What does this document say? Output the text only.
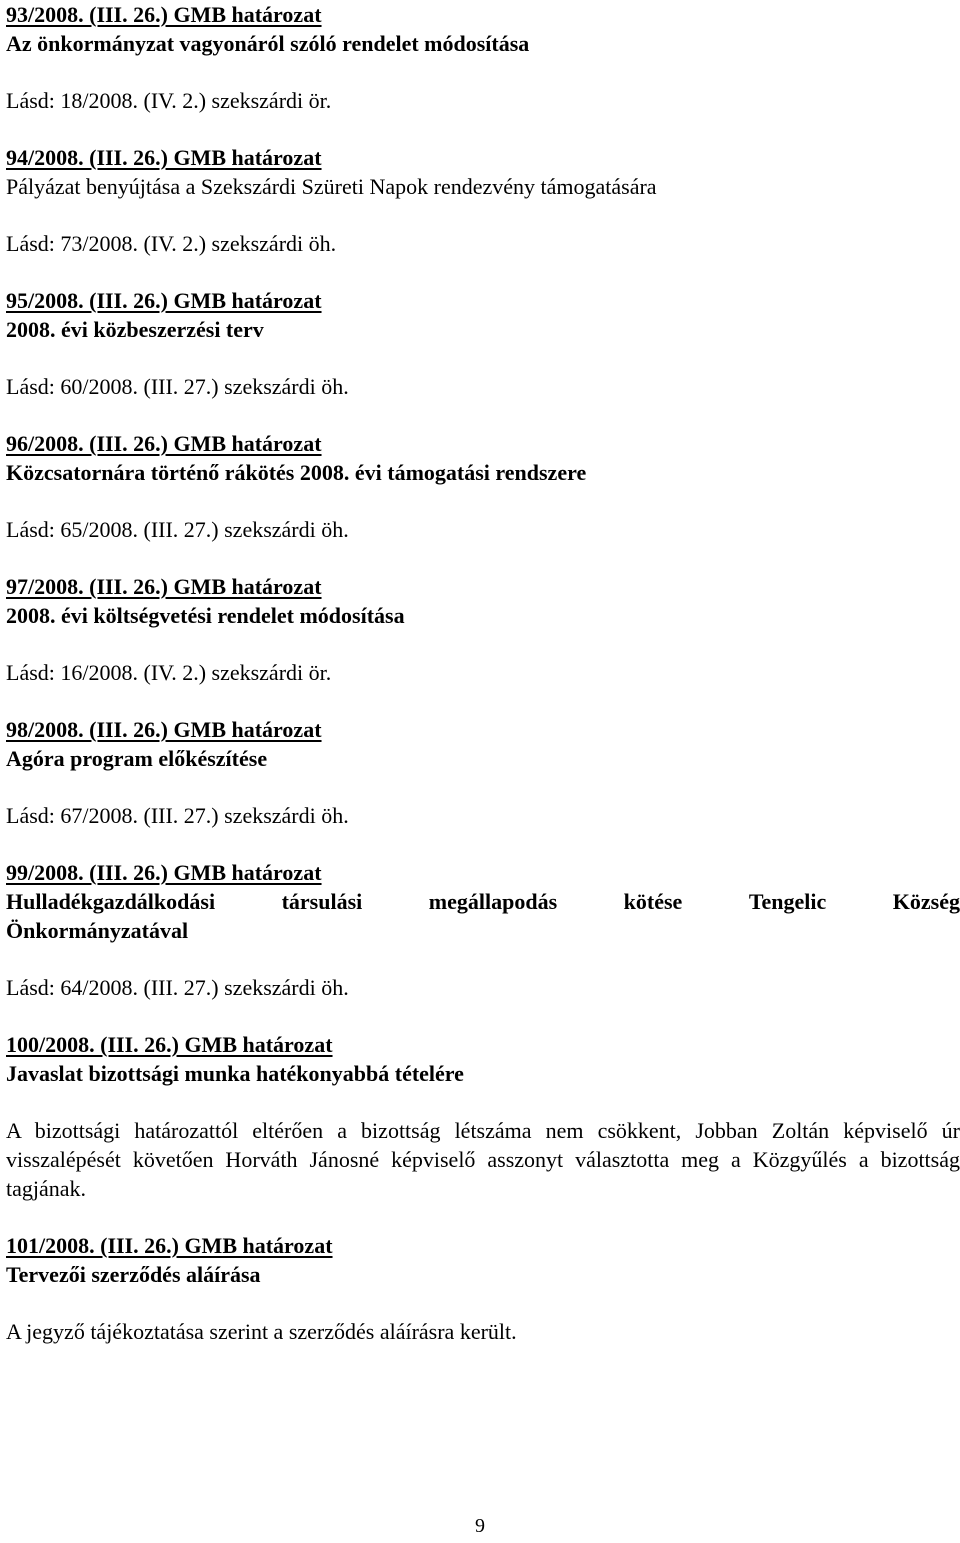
93/2008. (III. 26.) GMB határozat
Az önkormányzat vagyonáról szóló rendelet módosítása
Lásd: 18/2008. (IV. 2.) szekszárdi ör.
94/2008. (III. 26.) GMB határozat
Pályázat benyújtása a Szekszárdi Szüreti Napok rendezvény támogatására
Lásd: 73/2008. (IV. 2.) szekszárdi öh.
95/2008. (III. 26.) GMB határozat
2008. évi közbeszerzési terv
Lásd: 60/2008. (III. 27.) szekszárdi öh.
96/2008. (III. 26.) GMB határozat
Közcsatornára történő rákötés 2008. évi támogatási rendszere
Lásd: 65/2008. (III. 27.) szekszárdi öh.
97/2008. (III. 26.) GMB határozat
2008. évi költségvetési rendelet módosítása
Lásd: 16/2008. (IV. 2.) szekszárdi ör.
98/2008. (III. 26.) GMB határozat
Agóra program előkészítése
Lásd: 67/2008. (III. 27.) szekszárdi öh.
99/2008. (III. 26.) GMB határozat
Hulladékgazdálkodási	társulási	megállapodás	kötése	Tengelic	Község
Önkormányzatával
Lásd: 64/2008. (III. 27.) szekszárdi öh.
100/2008. (III. 26.) GMB határozat
Javaslat bizottsági munka hatékonyabbá tételére
A bizottsági határozattól eltérően a bizottság létszáma nem csökkent, Jobban Zoltán képviselő úr visszalépését követően Horváth Jánosné képviselő asszonyt választotta meg a Közgyűlés a bizottság tagjának.
101/2008. (III. 26.) GMB határozat
Tervezői szerződés aláírása
A jegyző tájékoztatása szerint a szerződés aláírásra került.
9
